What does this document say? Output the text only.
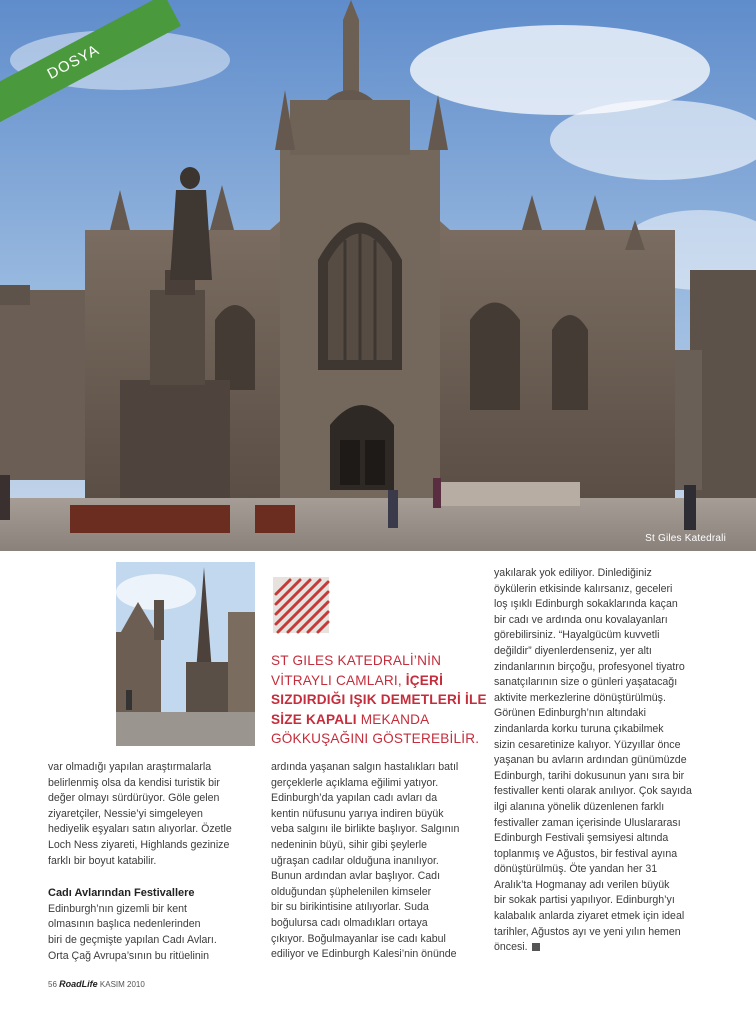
DOSYA
St Giles Katedrali
ST GILES KATEDRALİ’NİN VİTRAYLI CAMLARI, İÇERİ SIZDIRDIĞI IŞIK DEMETLERİ İLE SİZE KAPALI MEKANDA GÖKKUŞAĞINI GÖSTEREBİLİR.

var olmadığı yapılan araştırmalarla

belirlenmiş olsa da kendisi turistik bir

değer olmayı sürdürüyor. Göle gelen

ziyaretçiler, Nessie’yi simgeleyen

hediyelik eşyaları satın alıyorlar. Özetle

Loch Ness ziyareti, Highlands gezinize

farklı bir boyut katabilir.

Cadı Avlarından Festivallere

Edinburgh’nın gizemli bir kent

olmasının başlıca nedenlerinden

biri de geçmişte yapılan Cadı Avları.

Orta Çağ Avrupa’sının bu ritüelinin

ardında yaşanan salgın hastalıkları batıl

gerçeklerle açıklama eğilimi yatıyor.

Edinburgh’da yapılan cadı avları da

kentin nüfusunu yarıya indiren büyük

veba salgını ile birlikte başlıyor. Salgının

nedeninin büyü, sihir gibi şeylerle

uğraşan cadılar olduğuna inanılıyor.

Bunun ardından avlar başlıyor. Cadı

olduğundan şüphelenilen kimseler

bir su birikintisine atılıyorlar. Suda

boğulursa cadı olmadıkları ortaya

çıkıyor. Boğulmayanlar ise cadı kabul

ediliyor ve Edinburgh Kalesi’nin önünde

yakılarak yok ediliyor. Dinlediğiniz

öykülerin etkisinde kalırsanız, geceleri

loş ışıklı Edinburgh sokaklarında kaçan

bir cadı ve ardında onu kovalayanları

görebilirsiniz. “Hayalgücüm kuvvetli

değildir” diyenlerdenseniz, yer altı

zindanlarının birçoğu, profesyonel tiyatro

sanatçılarının size o günleri yaşatacağı

aktivite merkezlerine dönüştürülmüş.

Görünen Edinburgh’nın altındaki

zindanlarda korku turuna çıkabilmek

sizin cesaretinize kalıyor. Yüzyıllar önce

yaşanan bu avların ardından günümüzde

Edinburgh, tarihi dokusunun yanı sıra bir

festivaller kenti olarak anılıyor. Çok sayıda

ilgi alanına yönelik düzenlenen farklı

festivaller zaman içerisinde Uluslararası

Edinburgh Festivali şemsiyesi altında

toplanmış ve Ağustos, bir festival ayına

dönüştürülmüş. Öte yandan her 31

Aralık’ta Hogmanay adı verilen büyük

bir sokak partisi yapılıyor. Edinburgh’yı

kalabalık anlarda ziyaret etmek için ideal

tarihler, Ağustos ayı ve yeni yılın hemen

öncesi.

56 RoadLife KASIM 2010
